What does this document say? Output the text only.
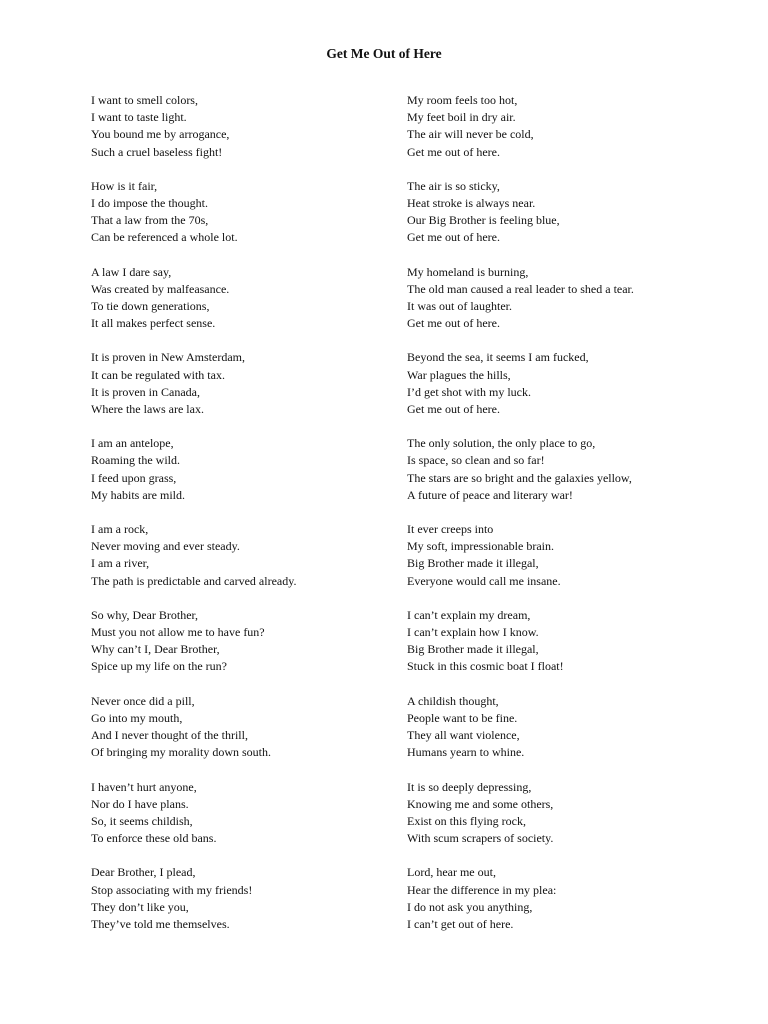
Get Me Out of Here
I want to smell colors,
I want to taste light.
You bound me by arrogance,
Such a cruel baseless fight!
How is it fair,
I do impose the thought.
That a law from the 70s,
Can be referenced a whole lot.
A law I dare say,
Was created by malfeasance.
To tie down generations,
It all makes perfect sense.
It is proven in New Amsterdam,
It can be regulated with tax.
It is proven in Canada,
Where the laws are lax.
I am an antelope,
Roaming the wild.
I feed upon grass,
My habits are mild.
I am a rock,
Never moving and ever steady.
I am a river,
The path is predictable and carved already.
So why, Dear Brother,
Must you not allow me to have fun?
Why can’t I, Dear Brother,
Spice up my life on the run?
Never once did a pill,
Go into my mouth,
And I never thought of the thrill,
Of bringing my morality down south.
I haven’t hurt anyone,
Nor do I have plans.
So, it seems childish,
To enforce these old bans.
Dear Brother, I plead,
Stop associating with my friends!
They don’t like you,
They’ve told me themselves.
My room feels too hot,
My feet boil in dry air.
The air will never be cold,
Get me out of here.
The air is so sticky,
Heat stroke is always near.
Our Big Brother is feeling blue,
Get me out of here.
My homeland is burning,
The old man caused a real leader to shed a tear.
It was out of laughter.
Get me out of here.
Beyond the sea, it seems I am fucked,
War plagues the hills,
I’d get shot with my luck.
Get me out of here.
The only solution, the only place to go,
Is space, so clean and so far!
The stars are so bright and the galaxies yellow,
A future of peace and literary war!
It ever creeps into
My soft, impressionable brain.
Big Brother made it illegal,
Everyone would call me insane.
I can’t explain my dream,
I can’t explain how I know.
Big Brother made it illegal,
Stuck in this cosmic boat I float!
A childish thought,
People want to be fine.
They all want violence,
Humans yearn to whine.
It is so deeply depressing,
Knowing me and some others,
Exist on this flying rock,
With scum scrapers of society.
Lord, hear me out,
Hear the difference in my plea:
I do not ask you anything,
I can’t get out of here.
